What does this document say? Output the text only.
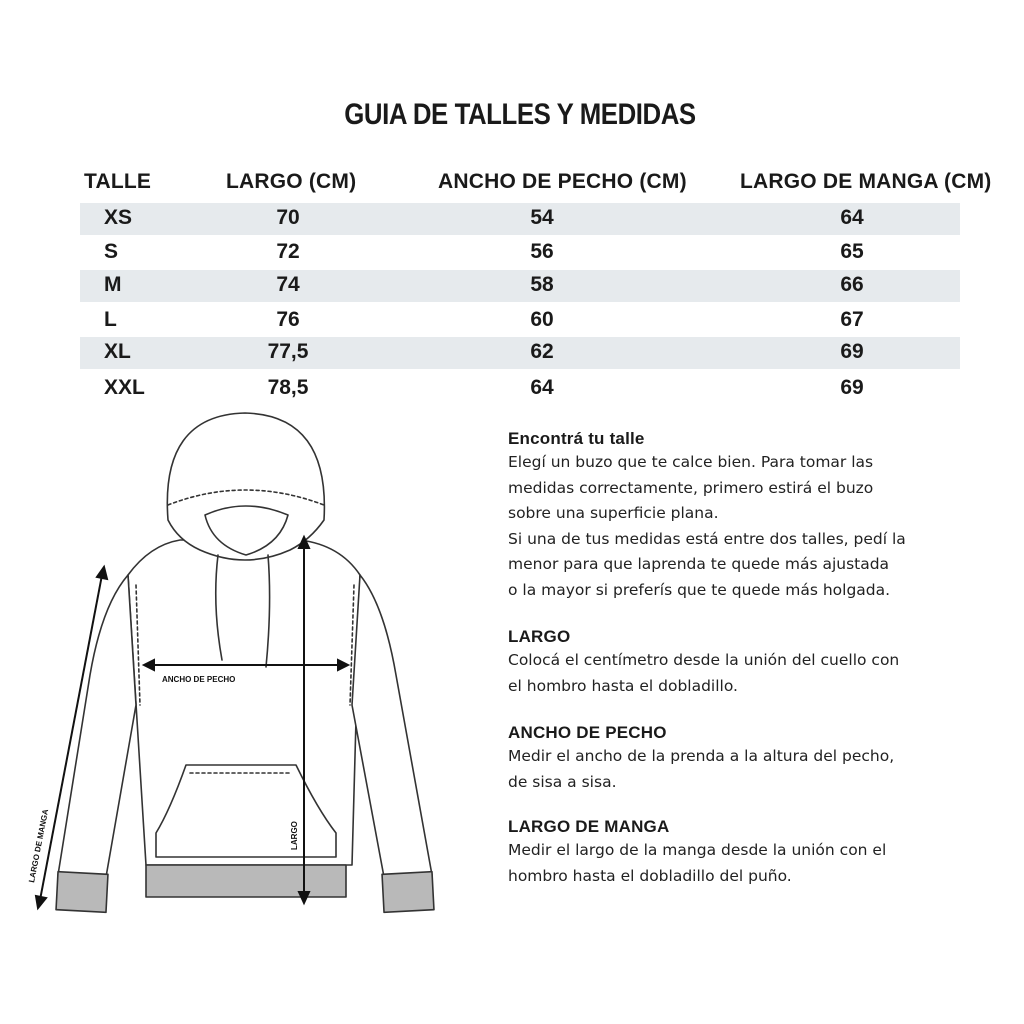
GUIA DE TALLES Y MEDIDAS
TALLE	LARGO (CM)	ANCHO DE PECHO (CM)	LARGO DE MANGA (CM)
XS	70	54	64
S	72	56	65
M	74	58	66
L	76	60	67
XL	77,5	62	69
XXL	78,5	64	69
ANCHO DE PECHO
LARGO
LARGO DE MANGA
Encontrá tu talle

Elegí un buzo que te calce bien. Para tomar las

medidas correctamente, primero estirá el buzo

sobre una superficie plana.

Si una de tus medidas está entre dos talles, pedí la

menor para que laprenda te quede más ajustada

o la mayor si preferís que te quede más holgada.

LARGO

Colocá el centímetro desde la unión del cuello con

el hombro hasta el dobladillo.

ANCHO DE PECHO

Medir el ancho de la prenda a la altura del pecho,

de sisa a sisa.

LARGO DE MANGA

Medir el largo de la manga desde la unión con el

hombro hasta el dobladillo del puño.
